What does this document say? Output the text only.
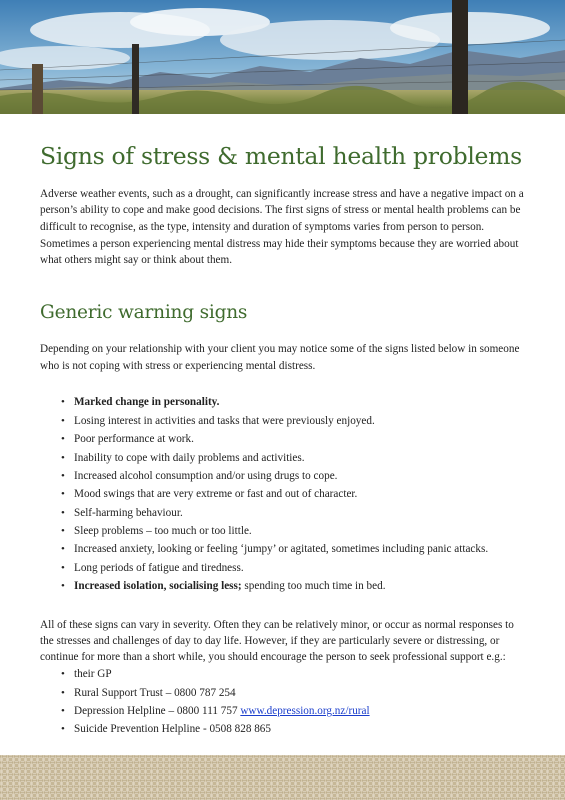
Signs of stress & mental health problems

Adverse weather events, such as a drought, can significantly increase stress and have a negative impact on a person’s ability to cope and make good decisions. The first signs of stress or mental health problems can be difficult to recognise, as the type, intensity and duration of symptoms varies from person to person. Sometimes a person experiencing mental distress may hide their symptoms because they are worried about what others might say or think about them.

Generic warning signs

Depending on your relationship with your client you may notice some of the signs listed below in someone who is not coping with stress or experiencing mental distress.

• Marked change in personality.
• Losing interest in activities and tasks that were previously enjoyed.
• Poor performance at work.
• Inability to cope with daily problems and activities.
• Increased alcohol consumption and/or using drugs to cope.
• Mood swings that are very extreme or fast and out of character.
• Self-harming behaviour.
• Sleep problems – too much or too little.
• Increased anxiety, looking or feeling ‘jumpy’ or agitated, sometimes including panic attacks.
• Long periods of fatigue and tiredness.
• Increased isolation, socialising less; spending too much time in bed.

All of these signs can vary in severity. Often they can be relatively minor, or occur as normal responses to the stresses and challenges of day to day life. However, if they are particularly severe or distressing, or continue for more than a short while, you should encourage the person to seek professional support e.g.:

• their GP
• Rural Support Trust – 0800 787 254
• Depression Helpline – 0800 111 757 www.depression.org.nz/rural
• Suicide Prevention Helpline - 0508 828 865
